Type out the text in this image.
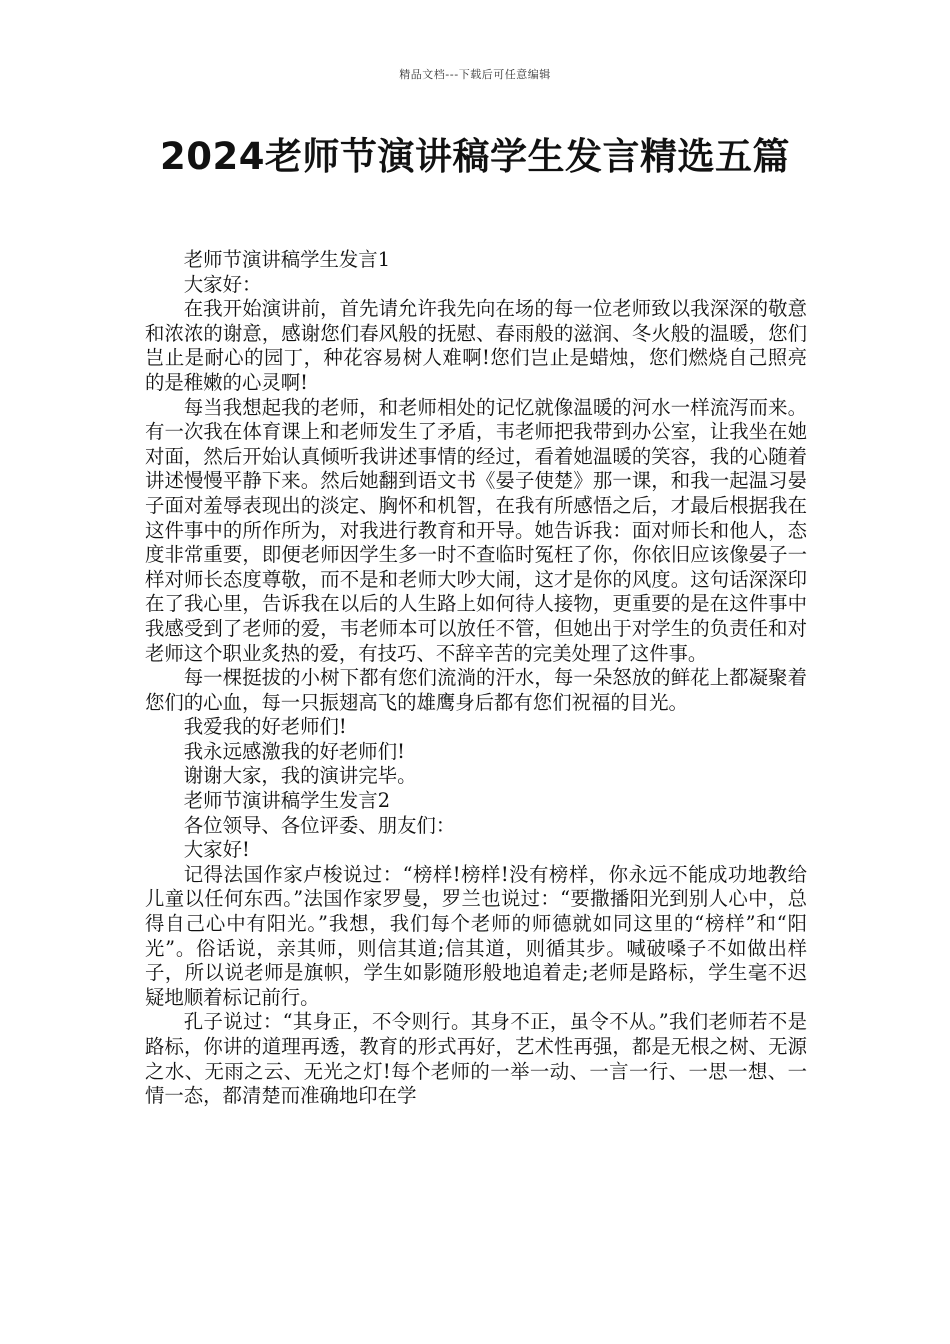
精品文档---下载后可任意编辑
2024老师节演讲稿学生发言精选五篇

老师节演讲稿学生发言1

大家好：

在我开始演讲前，首先请允许我先向在场的每一位老师致以我深深的敬意和浓浓的谢意，感谢您们春风般的抚慰、春雨般的滋润、冬火般的温暖，您们岂止是耐心的园丁，种花容易树人难啊!您们岂止是蜡烛，您们燃烧自己照亮的是稚嫩的心灵啊!

每当我想起我的老师，和老师相处的记忆就像温暖的河水一样流泻而来。有一次我在体育课上和老师发生了矛盾，韦老师把我带到办公室，让我坐在她对面，然后开始认真倾听我讲述事情的经过，看着她温暖的笑容，我的心随着讲述慢慢平静下来。然后她翻到语文书《晏子使楚》那一课，和我一起温习晏子面对羞辱表现出的淡定、胸怀和机智，在我有所感悟之后，才最后根据我在这件事中的所作所为，对我进行教育和开导。她告诉我：面对师长和他人，态度非常重要，即便老师因学生多一时不查临时冤枉了你，你依旧应该像晏子一样对师长态度尊敬，而不是和老师大吵大闹，这才是你的风度。这句话深深印在了我心里，告诉我在以后的人生路上如何待人接物，更重要的是在这件事中我感受到了老师的爱，韦老师本可以放任不管，但她出于对学生的负责任和对老师这个职业炙热的爱，有技巧、不辞辛苦的完美处理了这件事。

每一棵挺拔的小树下都有您们流淌的汗水，每一朵怒放的鲜花上都凝聚着您们的心血，每一只振翅高飞的雄鹰身后都有您们祝福的目光。

我爱我的好老师们!

我永远感激我的好老师们!

谢谢大家，我的演讲完毕。

老师节演讲稿学生发言2

各位领导、各位评委、朋友们：

大家好!

记得法国作家卢梭说过：“榜样!榜样!没有榜样，你永远不能成功地教给儿童以任何东西。”法国作家罗曼，罗兰也说过：“要撒播阳光到别人心中，总得自己心中有阳光。”我想，我们每个老师的师德就如同这里的“榜样”和“阳光”。俗话说，亲其师，则信其道;信其道，则循其步。喊破嗓子不如做出样子，所以说老师是旗帜，学生如影随形般地追着走;老师是路标，学生毫不迟疑地顺着标记前行。

孔子说过：“其身正，不令则行。其身不正，虽令不从。”我们老师若不是路标，你讲的道理再透，教育的形式再好，艺术性再强，都是无根之树、无源之水、无雨之云、无光之灯!每个老师的一举一动、一言一行、一思一想、一情一态，都清楚而准确地印在学
